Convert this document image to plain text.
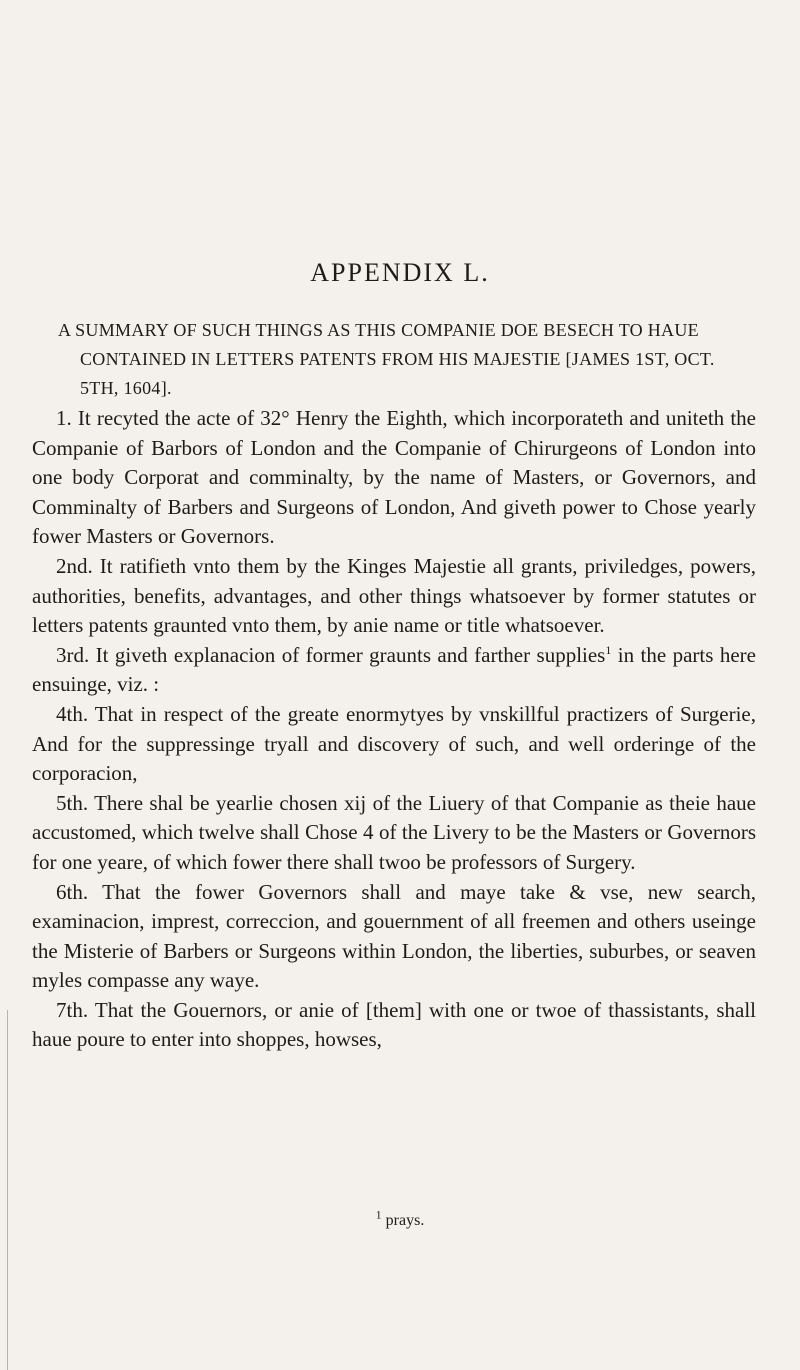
APPENDIX L.
A SUMMARY OF SUCH THINGS AS THIS COMPANIE DOE BESECH TO HAUE CONTAINED IN LETTERS PATENTS FROM HIS MAJESTIE [JAMES 1ST, OCT. 5TH, 1604].

1. It recyted the acte of 32° Henry the Eighth, which incorporateth and uniteth the Companie of Barbors of London and the Companie of Chirurgeons of London into one body Corporat and comminalty, by the name of Masters, or Governors, and Comminalty of Barbers and Surgeons of London, And giveth power to Chose yearly fower Masters or Governors.

2nd. It ratifieth vnto them by the Kinges Majestie all grants, priviledges, powers, authorities, benefits, advantages, and other things whatsoever by former statutes or letters patents graunted vnto them, by anie name or title whatsoever.

3rd. It giveth explanacion of former graunts and farther supplies$^1$ in the parts here ensuinge, viz. :

4th. That in respect of the greate enormytyes by vnskillful practizers of Surgerie, And for the suppressinge tryall and discovery of such, and well orderinge of the corporacion,

5th. There shal be yearlie chosen xij of the Liuery of that Companie as theie haue accustomed, which twelve shall Chose 4 of the Livery to be the Masters or Governors for one yeare, of which fower there shall twoo be professors of Surgery.

6th. That the fower Governors shall and maye take & vse, new search, examinacion, imprest, correccion, and gouernment of all freemen and others useinge the Misterie of Barbers or Surgeons within London, the liberties, suburbes, or seaven myles compasse any waye.

7th. That the Gouernors, or anie of [them] with one or twoe of thassistants, shall haue poure to enter into shoppes, howses,

$^1$ prays.
